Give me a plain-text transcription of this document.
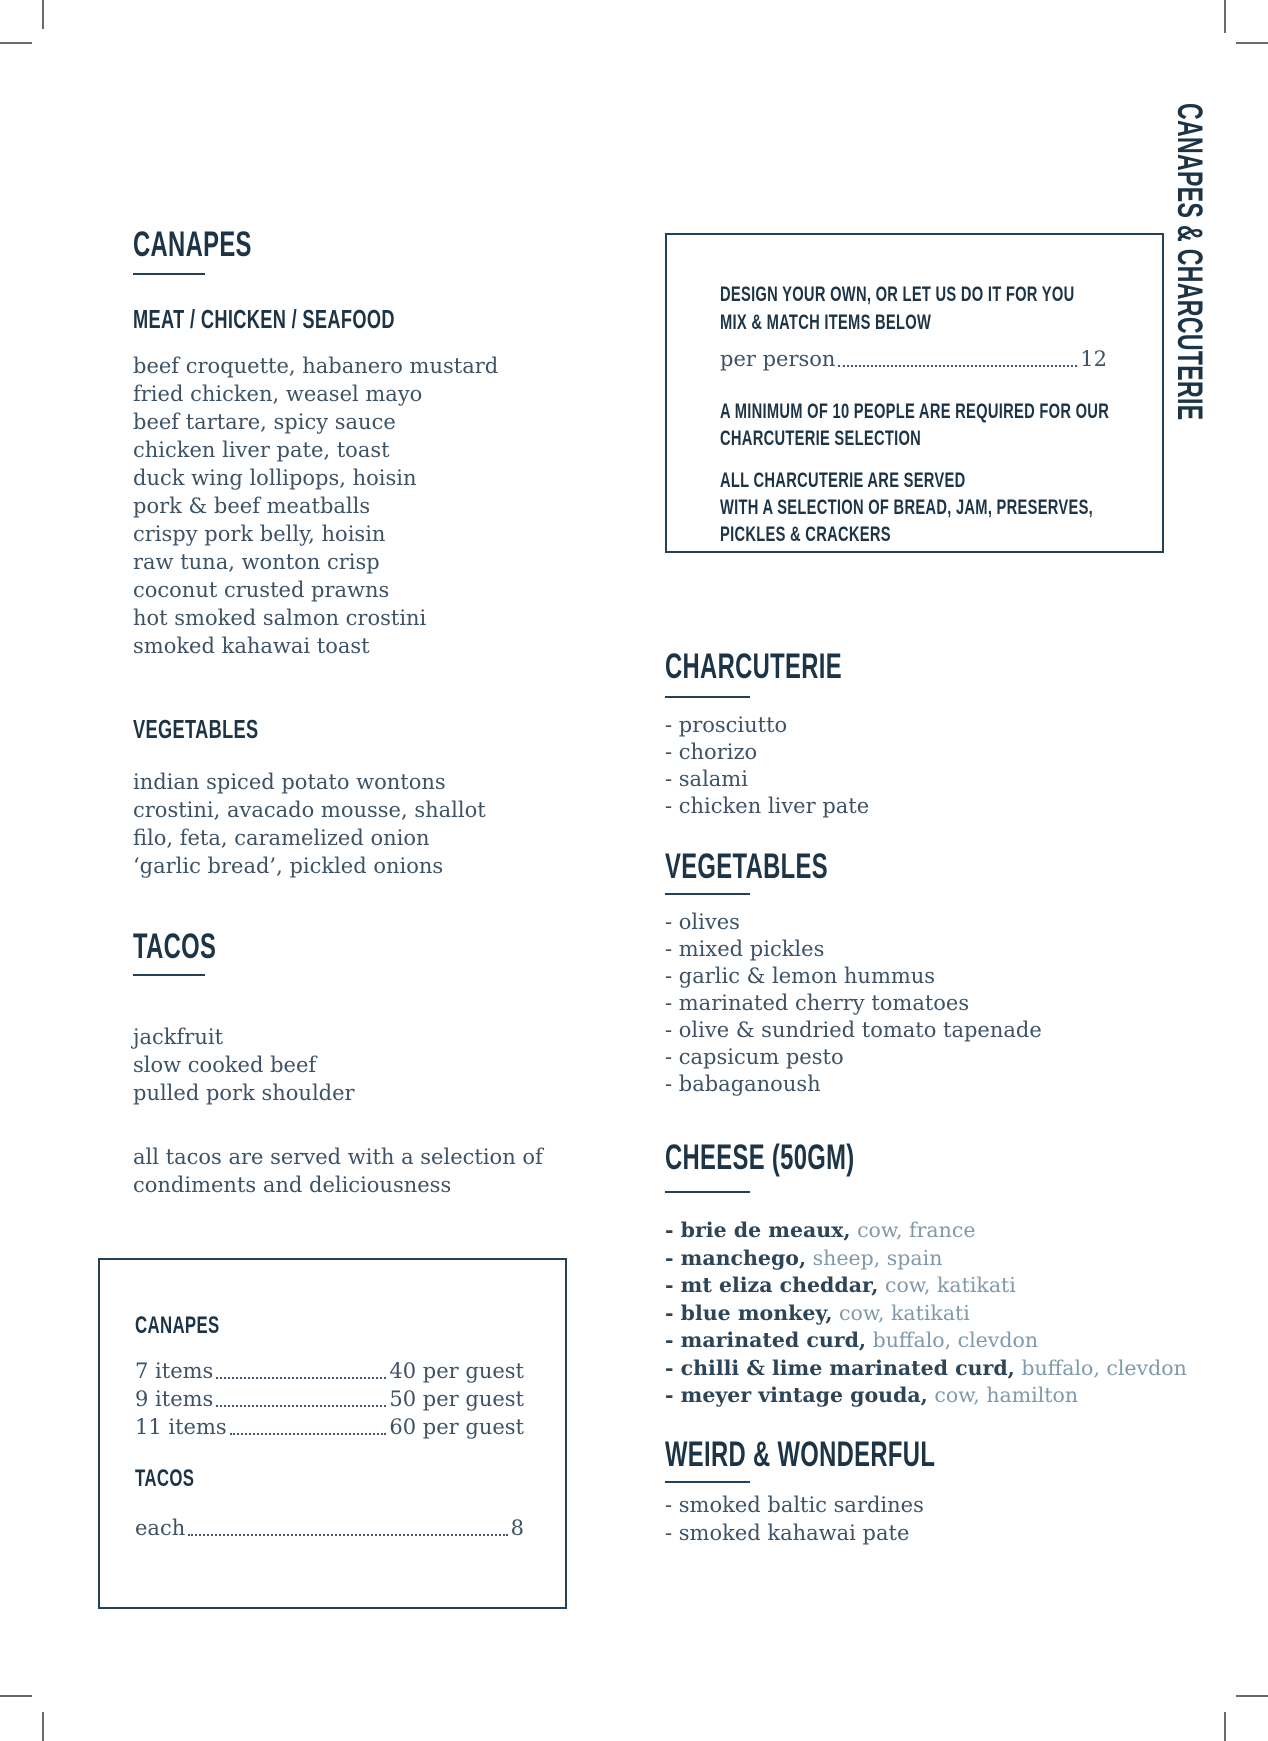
CANAPES & CHARCUTERIE
CANAPES
MEAT / CHICKEN / SEAFOOD
beef croquette, habanero mustard
fried chicken, weasel mayo
beef tartare, spicy sauce
chicken liver pate, toast
duck wing lollipops, hoisin
pork & beef meatballs
crispy pork belly, hoisin
raw tuna, wonton crisp
coconut crusted prawns
hot smoked salmon crostini
smoked kahawai toast
VEGETABLES
indian spiced potato wontons
crostini, avacado mousse, shallot
filo, feta, caramelized onion
‘garlic bread’, pickled onions
TACOS
jackfruit
slow cooked beef
pulled pork shoulder
all tacos are served with a selection of condiments and deliciousness
CANAPES
7 items	40 per guest
9 items	50 per guest
11 items	60 per guest
TACOS
each	8
DESIGN YOUR OWN, OR LET US DO IT FOR YOU
MIX & MATCH ITEMS BELOW
per person	12
A MINIMUM OF 10 PEOPLE ARE REQUIRED FOR OUR
CHARCUTERIE SELECTION
ALL CHARCUTERIE ARE SERVED
WITH A SELECTION OF BREAD, JAM, PRESERVES,
PICKLES & CRACKERS
CHARCUTERIE
- prosciutto
- chorizo
- salami
- chicken liver pate
VEGETABLES
- olives
- mixed pickles
- garlic & lemon hummus
- marinated cherry tomatoes
- olive & sundried tomato tapenade
- capsicum pesto
- babaganoush
CHEESE (50GM)
- brie de meaux, cow, france
- manchego, sheep, spain
- mt eliza cheddar, cow, katikati
- blue monkey, cow, katikati
- marinated curd, buffalo, clevdon
- chilli & lime marinated curd, buffalo, clevdon
- meyer vintage gouda, cow, hamilton
WEIRD & WONDERFUL
- smoked baltic sardines
- smoked kahawai pate
